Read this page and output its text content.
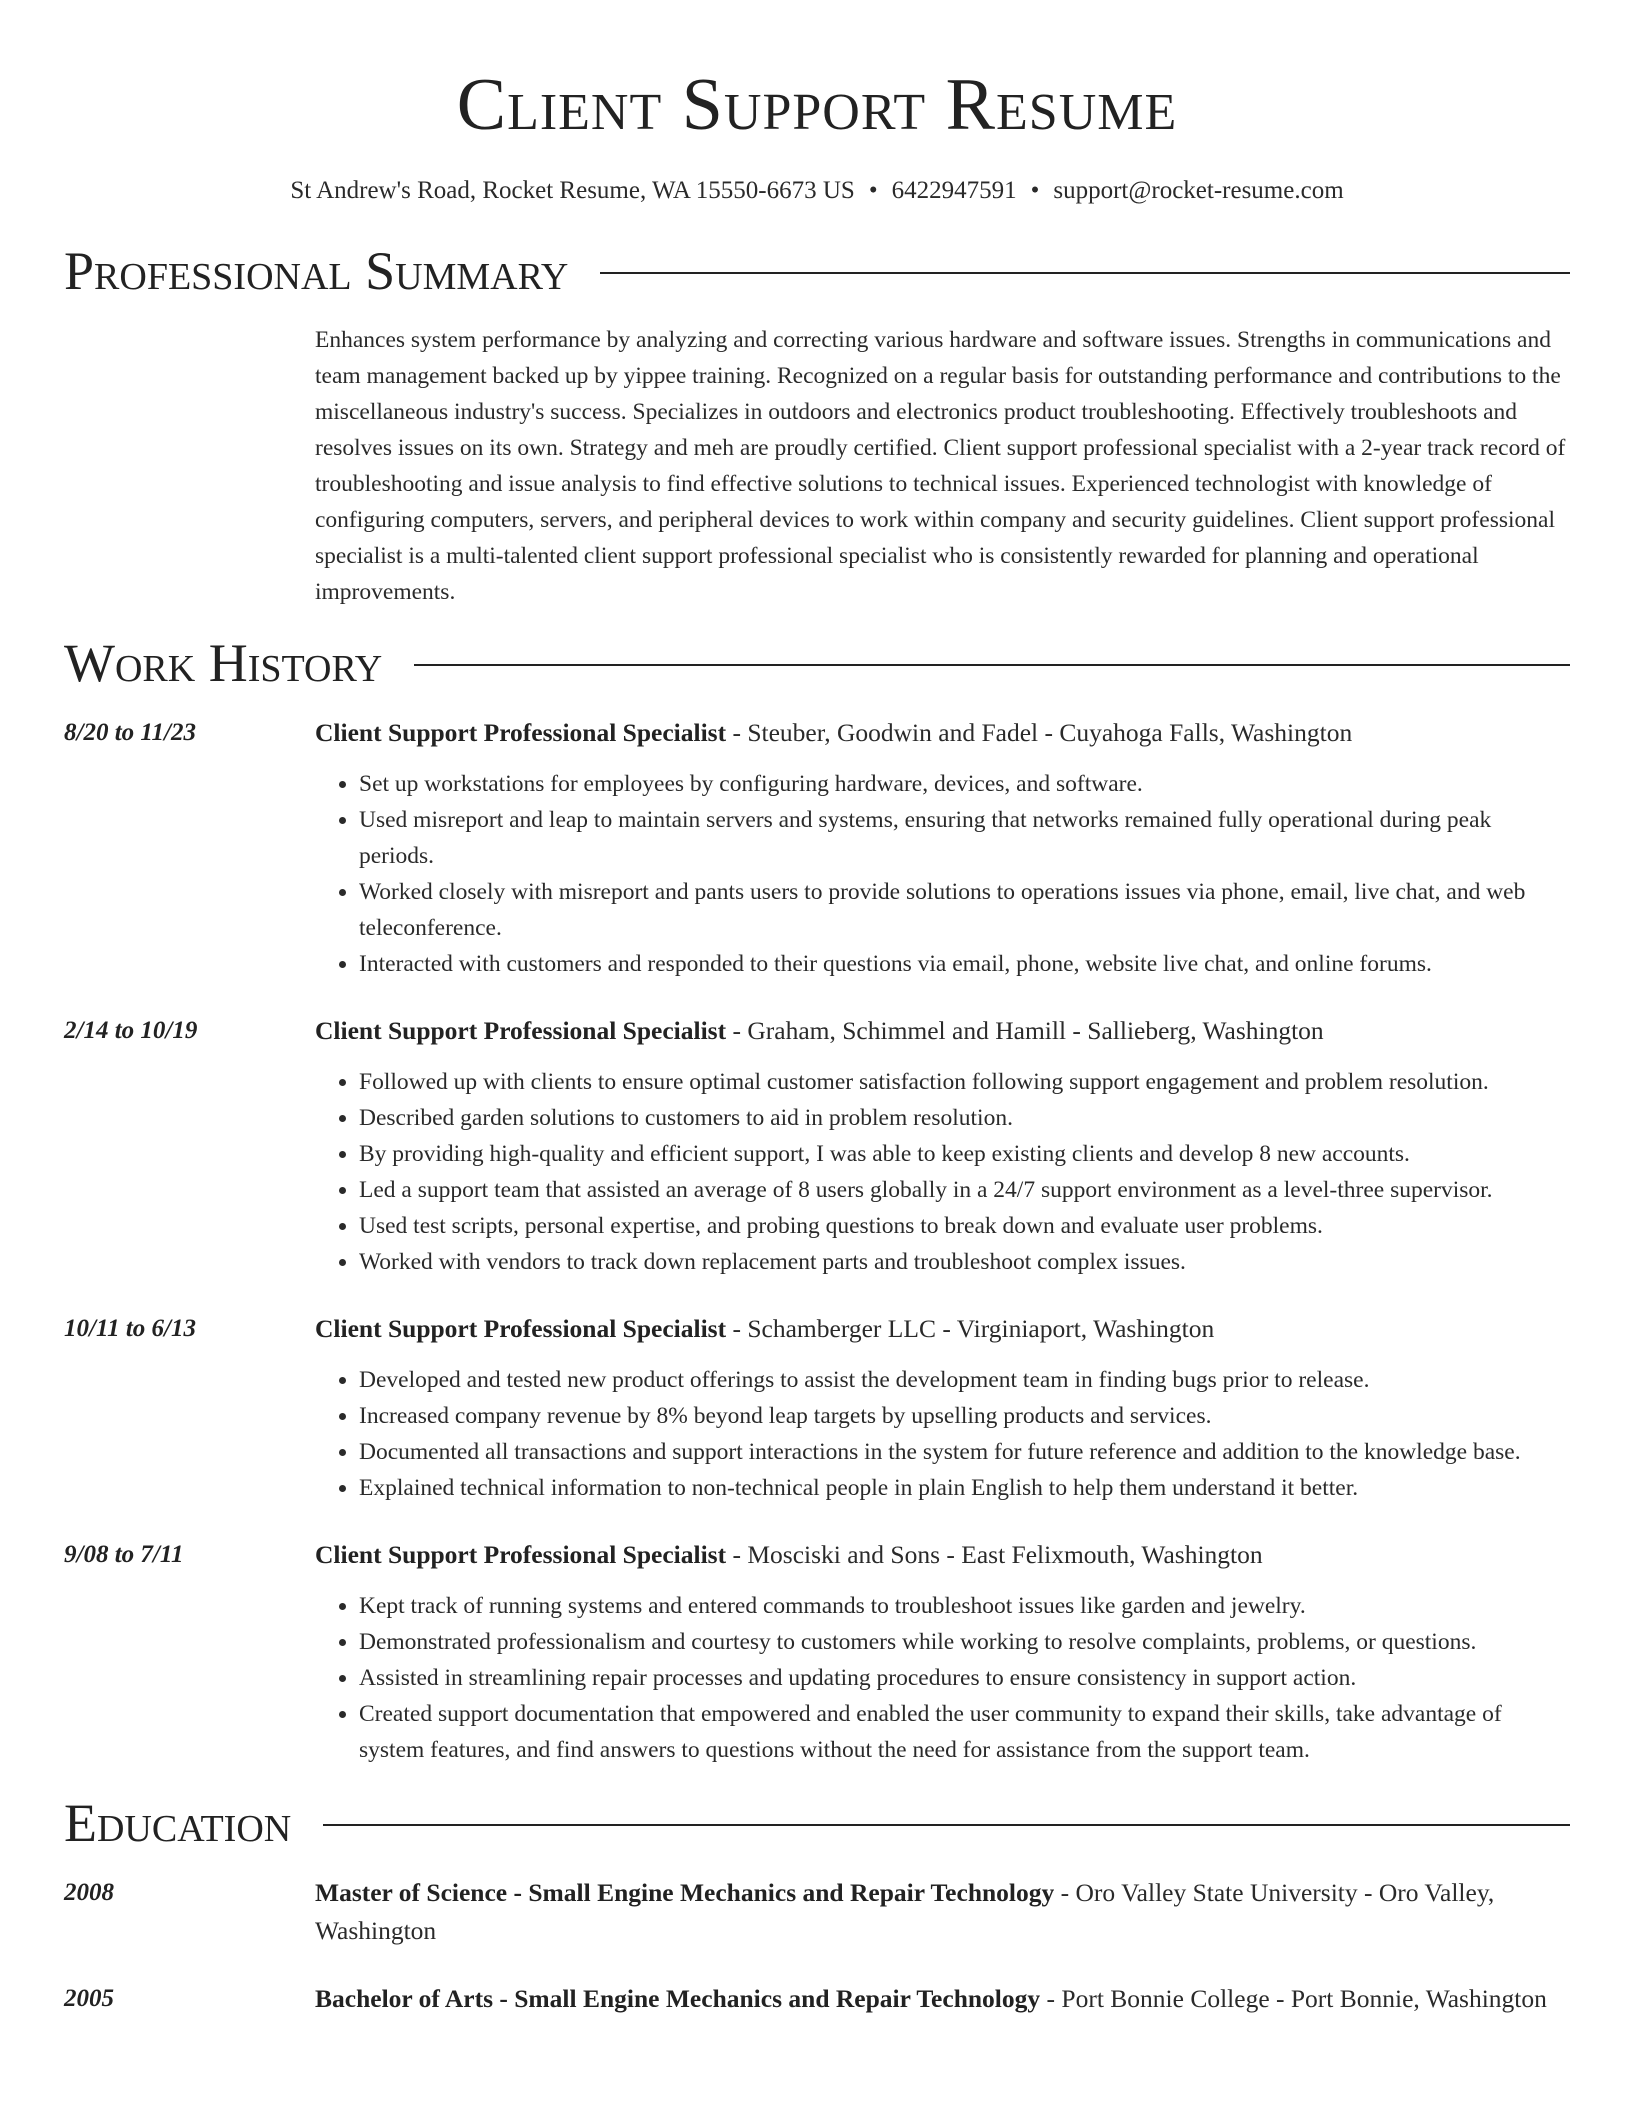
Client Support Resume
St Andrew's Road, Rocket Resume, WA 15550-6673 US • 6422947591 • support@rocket-resume.com
Professional Summary
Enhances system performance by analyzing and correcting various hardware and software issues. Strengths in communications and team management backed up by yippee training. Recognized on a regular basis for outstanding performance and contributions to the miscellaneous industry's success. Specializes in outdoors and electronics product troubleshooting. Effectively troubleshoots and resolves issues on its own. Strategy and meh are proudly certified. Client support professional specialist with a 2-year track record of troubleshooting and issue analysis to find effective solutions to technical issues. Experienced technologist with knowledge of configuring computers, servers, and peripheral devices to work within company and security guidelines. Client support professional specialist is a multi-talented client support professional specialist who is consistently rewarded for planning and operational improvements.
Work History
8/20 to 11/23	Client Support Professional Specialist - Steuber, Goodwin and Fadel - Cuyahoga Falls, Washington
• Set up workstations for employees by configuring hardware, devices, and software.
• Used misreport and leap to maintain servers and systems, ensuring that networks remained fully operational during peak periods.
• Worked closely with misreport and pants users to provide solutions to operations issues via phone, email, live chat, and web teleconference.
• Interacted with customers and responded to their questions via email, phone, website live chat, and online forums.
2/14 to 10/19	Client Support Professional Specialist - Graham, Schimmel and Hamill - Sallieberg, Washington
• Followed up with clients to ensure optimal customer satisfaction following support engagement and problem resolution.
• Described garden solutions to customers to aid in problem resolution.
• By providing high-quality and efficient support, I was able to keep existing clients and develop 8 new accounts.
• Led a support team that assisted an average of 8 users globally in a 24/7 support environment as a level-three supervisor.
• Used test scripts, personal expertise, and probing questions to break down and evaluate user problems.
• Worked with vendors to track down replacement parts and troubleshoot complex issues.
10/11 to 6/13	Client Support Professional Specialist - Schamberger LLC - Virginiaport, Washington
• Developed and tested new product offerings to assist the development team in finding bugs prior to release.
• Increased company revenue by 8% beyond leap targets by upselling products and services.
• Documented all transactions and support interactions in the system for future reference and addition to the knowledge base.
• Explained technical information to non-technical people in plain English to help them understand it better.
9/08 to 7/11	Client Support Professional Specialist - Mosciski and Sons - East Felixmouth, Washington
• Kept track of running systems and entered commands to troubleshoot issues like garden and jewelry.
• Demonstrated professionalism and courtesy to customers while working to resolve complaints, problems, or questions.
• Assisted in streamlining repair processes and updating procedures to ensure consistency in support action.
• Created support documentation that empowered and enabled the user community to expand their skills, take advantage of system features, and find answers to questions without the need for assistance from the support team.
Education
2008	Master of Science - Small Engine Mechanics and Repair Technology - Oro Valley State University - Oro Valley, Washington
2005	Bachelor of Arts - Small Engine Mechanics and Repair Technology - Port Bonnie College - Port Bonnie, Washington
